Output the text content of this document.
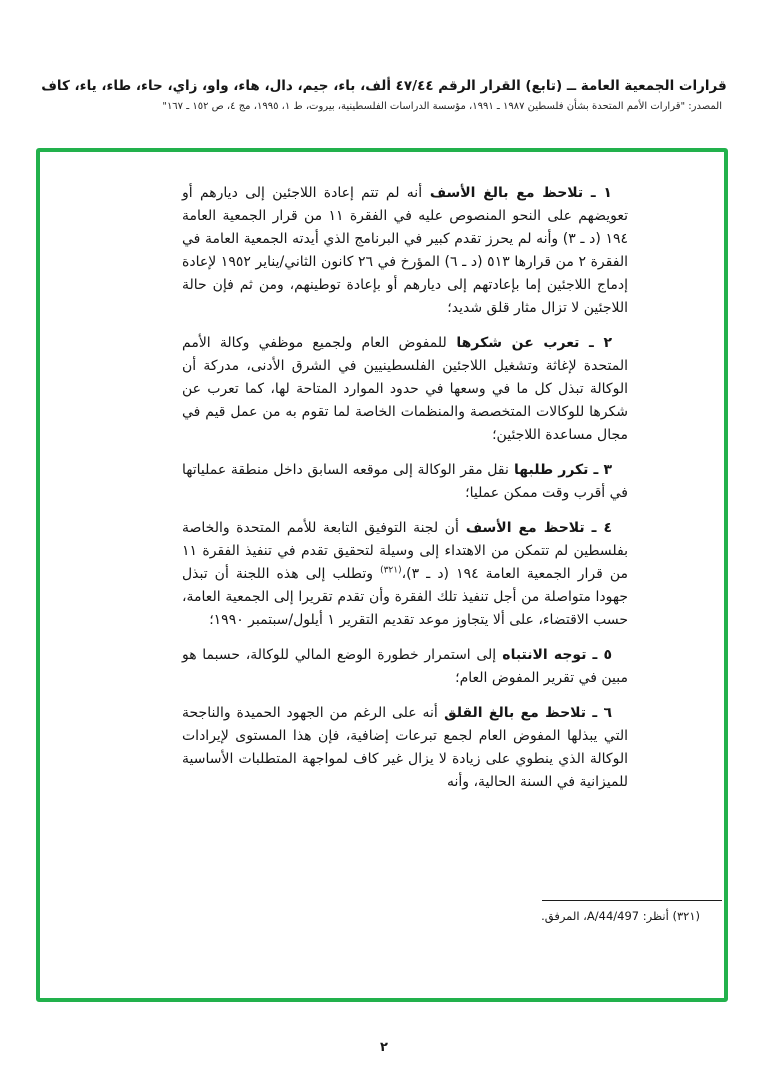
قرارات الجمعية العامة ــ (تابع) القرار الرقم ٤٧/٤٤ ألف، باء، جيم، دال، هاء، واو، زاي، حاء، طاء، ياء، كاف
المصدر: "قرارات الأمم المتحدة بشأن فلسطين ١٩٨٧ ـ ١٩٩١، مؤسسة الدراسات الفلسطينية، بيروت، ط ١، ١٩٩٥، مج ٤، ص ١٥٢ ـ ١٦٧"

١ ـ تلاحظ مع بالغ الأسف أنه لم تتم إعادة اللاجئين إلى ديارهم أو تعويضهم على النحو المنصوص عليه في الفقرة ١١ من قرار الجمعية العامة ١٩٤ (د ـ ٣) وأنه لم يحرز تقدم كبير في البرنامج الذي أيدته الجمعية العامة في الفقرة ٢ من قرارها ٥١٣ (د ـ ٦) المؤرخ في ٢٦ كانون الثاني/يناير ١٩٥٢ لإعادة إدماج اللاجئين إما بإعادتهم إلى ديارهم أو بإعادة توطينهم، ومن ثم فإن حالة اللاجئين لا تزال مثار قلق شديد؛

٢ ـ تعرب عن شكرها للمفوض العام ولجميع موظفي وكالة الأمم المتحدة لإغاثة وتشغيل اللاجئين الفلسطينيين في الشرق الأدنى، مدركة أن الوكالة تبذل كل ما في وسعها في حدود الموارد المتاحة لها، كما تعرب عن شكرها للوكالات المتخصصة والمنظمات الخاصة لما تقوم به من عمل قيم في مجال مساعدة اللاجئين؛

٣ ـ تكرر طلبها نقل مقر الوكالة إلى موقعه السابق داخل منطقة عملياتها في أقرب وقت ممكن عمليا؛

٤ ـ تلاحظ مع الأسف أن لجنة التوفيق التابعة للأمم المتحدة والخاصة بفلسطين لم تتمكن من الاهتداء إلى وسيلة لتحقيق تقدم في تنفيذ الفقرة ١١ من قرار الجمعية العامة ١٩٤ (د ـ ٣)،$^{(٣٢١)}$ وتطلب إلى هذه اللجنة أن تبذل جهودا متواصلة من أجل تنفيذ تلك الفقرة وأن تقدم تقريرا إلى الجمعية العامة، حسب الاقتضاء، على ألا يتجاوز موعد تقديم التقرير ١ أيلول/سبتمبر ١٩٩٠؛

٥ ـ توجه الانتباه إلى استمرار خطورة الوضع المالي للوكالة، حسبما هو مبين في تقرير المفوض العام؛

٦ ـ تلاحظ مع بالغ القلق أنه على الرغم من الجهود الحميدة والناجحة التي يبذلها المفوض العام لجمع تبرعات إضافية، فإن هذا المستوى لإيرادات الوكالة الذي ينطوي على زيادة لا يزال غير كاف لمواجهة المتطلبات الأساسية للميزانية في السنة الحالية، وأنه

(٣٢١) أنظر: A/44/497، المرفق.
٢
